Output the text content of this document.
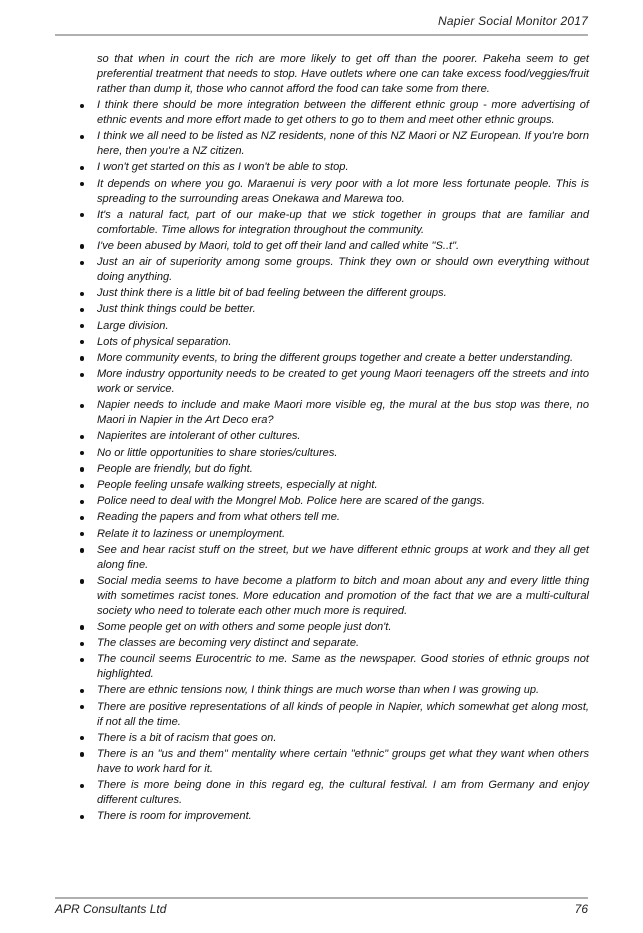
Napier Social Monitor 2017

so that when in court the rich are more likely to get off than the poorer. Pakeha seem to get preferential treatment that needs to stop. Have outlets where one can take excess food/veggies/fruit rather than dump it, those who cannot afford the food can take some from there.

I think there should be more integration between the different ethnic group - more advertising of ethnic events and more effort made to get others to go to them and meet other ethnic groups.
I think we all need to be listed as NZ residents, none of this NZ Maori or NZ European. If you're born here, then you're a NZ citizen.
I won't get started on this as I won't be able to stop.
It depends on where you go. Maraenui is very poor with a lot more less fortunate people. This is spreading to the surrounding areas Onekawa and Marewa too.
It's a natural fact, part of our make-up that we stick together in groups that are familiar and comfortable. Time allows for integration throughout the community.
I've been abused by Maori, told to get off their land and called white "S..t".
Just an air of superiority among some groups. Think they own or should own everything without doing anything.
Just think there is a little bit of bad feeling between the different groups.
Just think things could be better.
Large division.
Lots of physical separation.
More community events, to bring the different groups together and create a better understanding.
More industry opportunity needs to be created to get young Maori teenagers off the streets and into work or service.
Napier needs to include and make Maori more visible eg, the mural at the bus stop was there, no Maori in Napier in the Art Deco era?
Napierites are intolerant of other cultures.
No or little opportunities to share stories/cultures.
People are friendly, but do fight.
People feeling unsafe walking streets, especially at night.
Police need to deal with the Mongrel Mob. Police here are scared of the gangs.
Reading the papers and from what others tell me.
Relate it to laziness or unemployment.
See and hear racist stuff on the street, but we have different ethnic groups at work and they all get along fine.
Social media seems to have become a platform to bitch and moan about any and every little thing with sometimes racist tones. More education and promotion of the fact that we are a multi-cultural society who need to tolerate each other much more is required.
Some people get on with others and some people just don't.
The classes are becoming very distinct and separate.
The council seems Eurocentric to me. Same as the newspaper. Good stories of ethnic groups not highlighted.
There are ethnic tensions now, I think things are much worse than when I was growing up.
There are positive representations of all kinds of people in Napier, which somewhat get along most, if not all the time.
There is a bit of racism that goes on.
There is an "us and them" mentality where certain "ethnic" groups get what they want when others have to work hard for it.
There is more being done in this regard eg, the cultural festival. I am from Germany and enjoy different cultures.
There is room for improvement.
APR Consultants Ltd	76
